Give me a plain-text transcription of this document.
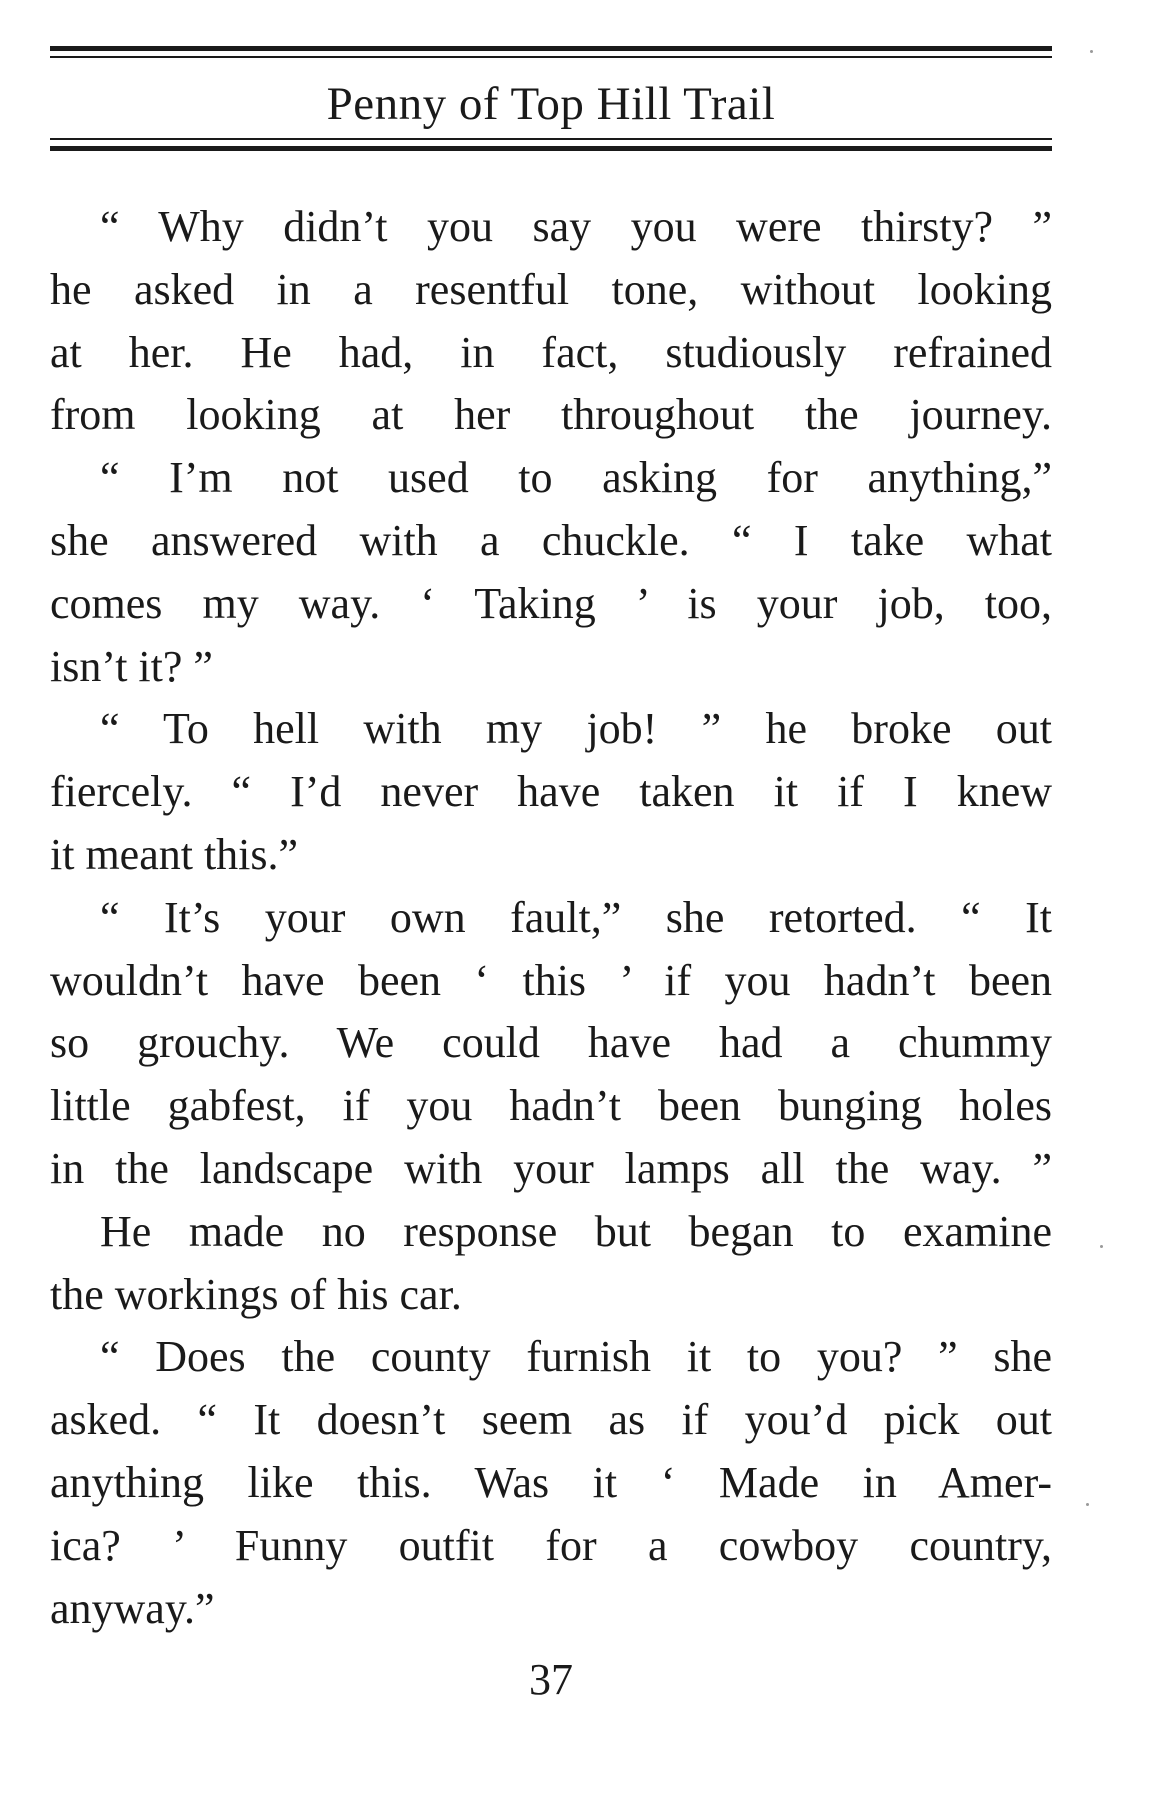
Penny of Top Hill Trail

“ Why didn’t you say you were thirsty? ”
he asked in a resentful tone, without looking
at her. He had, in fact, studiously refrained
from looking at her throughout the journey.

“ I’m not used to asking for anything,”
she answered with a chuckle. “ I take what
comes my way. ‘ Taking ’ is your job, too,
isn’t it? ”

“ To hell with my job! ” he broke out
fiercely. “ I’d never have taken it if I knew
it meant this.”

“ It’s your own fault,” she retorted. “ It
wouldn’t have been ‘ this ’ if you hadn’t been
so grouchy. We could have had a chummy
little gabfest, if you hadn’t been bunging holes
in the landscape with your lamps all the way. ”

He made no response but began to examine
the workings of his car.

“ Does the county furnish it to you? ” she
asked. “ It doesn’t seem as if you’d pick out
anything like this. Was it ‘ Made in Amer-
ica? ’ Funny outfit for a cowboy country,
anyway.”

37
